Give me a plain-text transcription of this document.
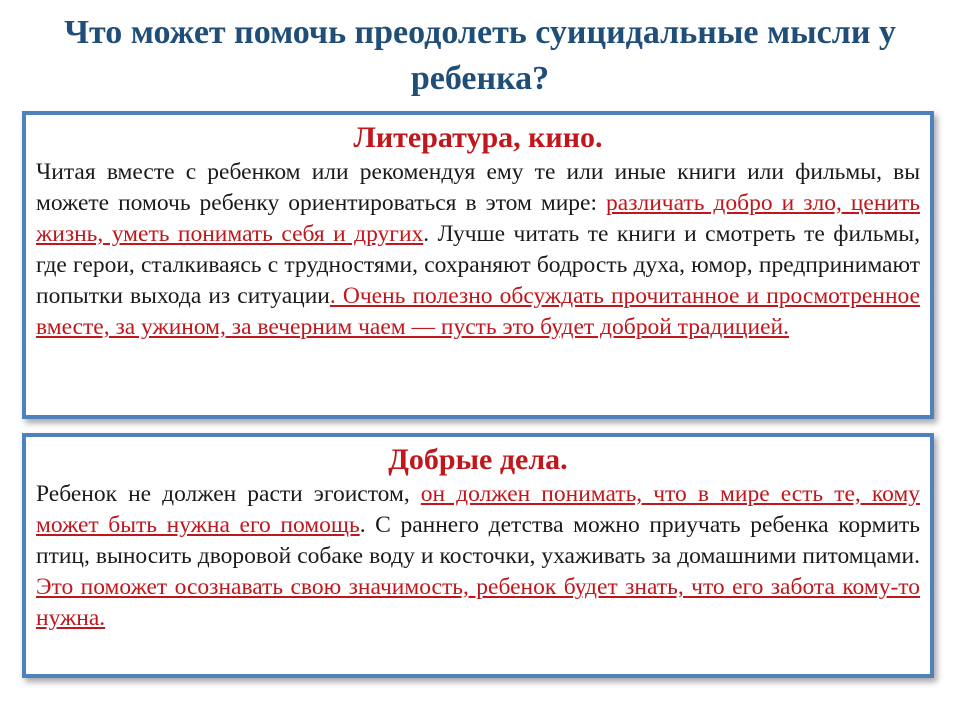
Что может помочь преодолеть суицидальные мысли у ребенка?
Литература, кино.

Читая вместе с ребенком или рекомендуя ему те или иные книги или фильмы, вы можете помочь ребенку ориентироваться в этом мире: различать добро и зло, ценить жизнь, уметь понимать себя и других. Лучше читать те книги и смотреть те фильмы, где герои, сталкиваясь с трудностями, сохраняют бодрость духа, юмор, предпринимают попытки выхода из ситуации. Очень полезно обсуждать прочитанное и просмотренное вместе, за ужином, за вечерним чаем — пусть это будет доброй традицией.

Добрые дела.

Ребенок не должен расти эгоистом, он должен понимать, что в мире есть те, кому может быть нужна его помощь. С раннего детства можно приучать ребенка кормить птиц, выносить дворовой собаке воду и косточки, ухаживать за домашними питомцами. Это поможет осознавать свою значимость, ребенок будет знать, что его забота кому-то нужна.
